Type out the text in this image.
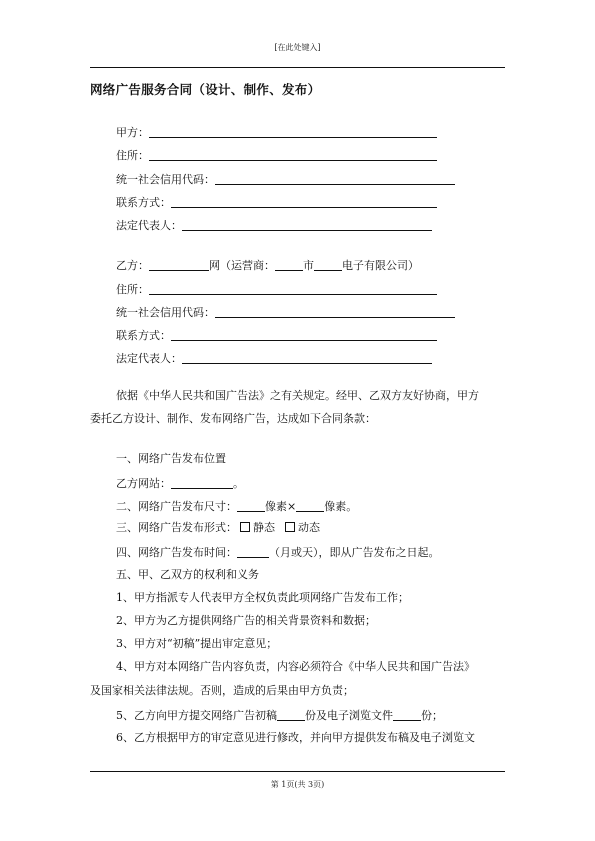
[在此处键入]
网络广告服务合同（设计、制作、发布）
甲方：
住所：
统一社会信用代码：
联系方式：
法定代表人：
乙方：	网（运营商：	市	电子有限公司）
住所：
统一社会信用代码：
联系方式：
法定代表人：
依据《中华人民共和国广告法》之有关规定。经甲、乙双方友好协商，甲方
委托乙方设计、制作、发布网络广告，达成如下合同条款：
一、网络广告发布位置
乙方网站：	。
二、网络广告发布尺寸：	像素×	像素。
三、网络广告发布形式： 静态 动态
四、网络广告发布时间：	（月或天），即从广告发布之日起。
五、甲、乙双方的权利和义务
1、甲方指派专人代表甲方全权负责此项网络广告发布工作；
2、甲方为乙方提供网络广告的相关背景资料和数据；
3、甲方对“初稿”提出审定意见；
4、甲方对本网络广告内容负责，内容必须符合《中华人民共和国广告法》
及国家相关法律法规。否则，造成的后果由甲方负责；
5、乙方向甲方提交网络广告初稿	份及电子浏览文件	份；
6、乙方根据甲方的审定意见进行修改，并向甲方提供发布稿及电子浏览文
第 1页(共 3页)
